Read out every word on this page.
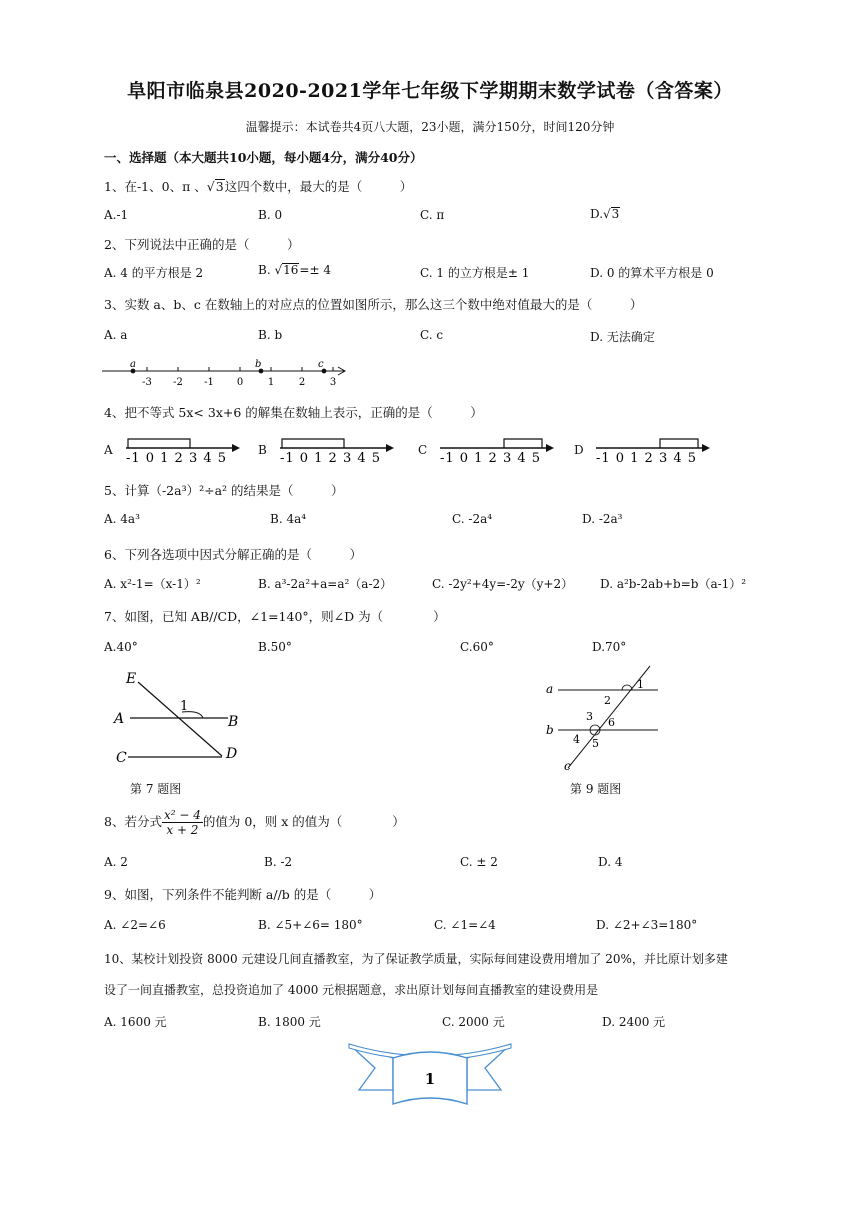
阜阳市临泉县2020-2021学年七年级下学期期末数学试卷（含答案）
温馨提示：本试卷共4页八大题，23小题，满分150分，时间120分钟
一、选择题（本大题共10小题，每小题4分，满分40分）
1、在-1、0、π 、√3这四个数中，最大的是（　　　）
A.-1	B. 0	C. π	D.√3
2、下列说法中正确的是（　　　）
A. 4 的平方根是 2	B. √16=± 4	C. 1 的立方根是± 1	D. 0 的算术平方根是 0
3、实数 a、b、c 在数轴上的对应点的位置如图所示，那么这三个数中绝对值最大的是（　　　）
A. a	B. b	C. c	D. 无法确定
-3 -2 -1 0 1 2 3
a	b	c
4、把不等式 5x< 3x+6 的解集在数轴上表示，正确的是（　　　）
A
-1 0 1 2 3 4 5
B
-1 0 1 2 3 4 5
C
-1 0 1 2 3 4 5
D
-1 0 1 2 3 4 5
5、计算（-2a³）²÷a² 的结果是（　　　）
A. 4a³	B. 4a⁴	C. -2a⁴	D. -2a³
6、下列各选项中因式分解正确的是（　　　）
A. x²-1=（x-1）²	B. a³-2a²+a=a²（a-2）	C. -2y²+4y=-2y（y+2） D. a²b-2ab+b=b（a-1）²
7、如图，已知 AB//CD，∠1=140°，则∠D 为（　　　　）
A.40°	B.50°	C.60°	D.70°
E
A	B
C	D
1
第 7 题图
a
b
c
1
2
3 6
4 5
第 9 题图
8、若分式 $\frac{\text{x² − 4}}{x + 2}$ 的值为 0，则 x 的值为（　　　　）
A. 2	B. -2	C. ± 2	D. 4
9、如图，下列条件不能判断 a//b 的是（　　　）
A. ∠2=∠6	B. ∠5+∠6= 180°	C. ∠1=∠4	D. ∠2+∠3=180°
10、某校计划投资 8000 元建设几间直播教室，为了保证教学质量，实际每间建设费用增加了 20%，并比原计划多建
设了一间直播教室，总投资追加了 4000 元根据题意，求出原计划每间直播教室的建设费用是
A. 1600 元	B. 1800 元	C. 2000 元	D. 2400 元
1
